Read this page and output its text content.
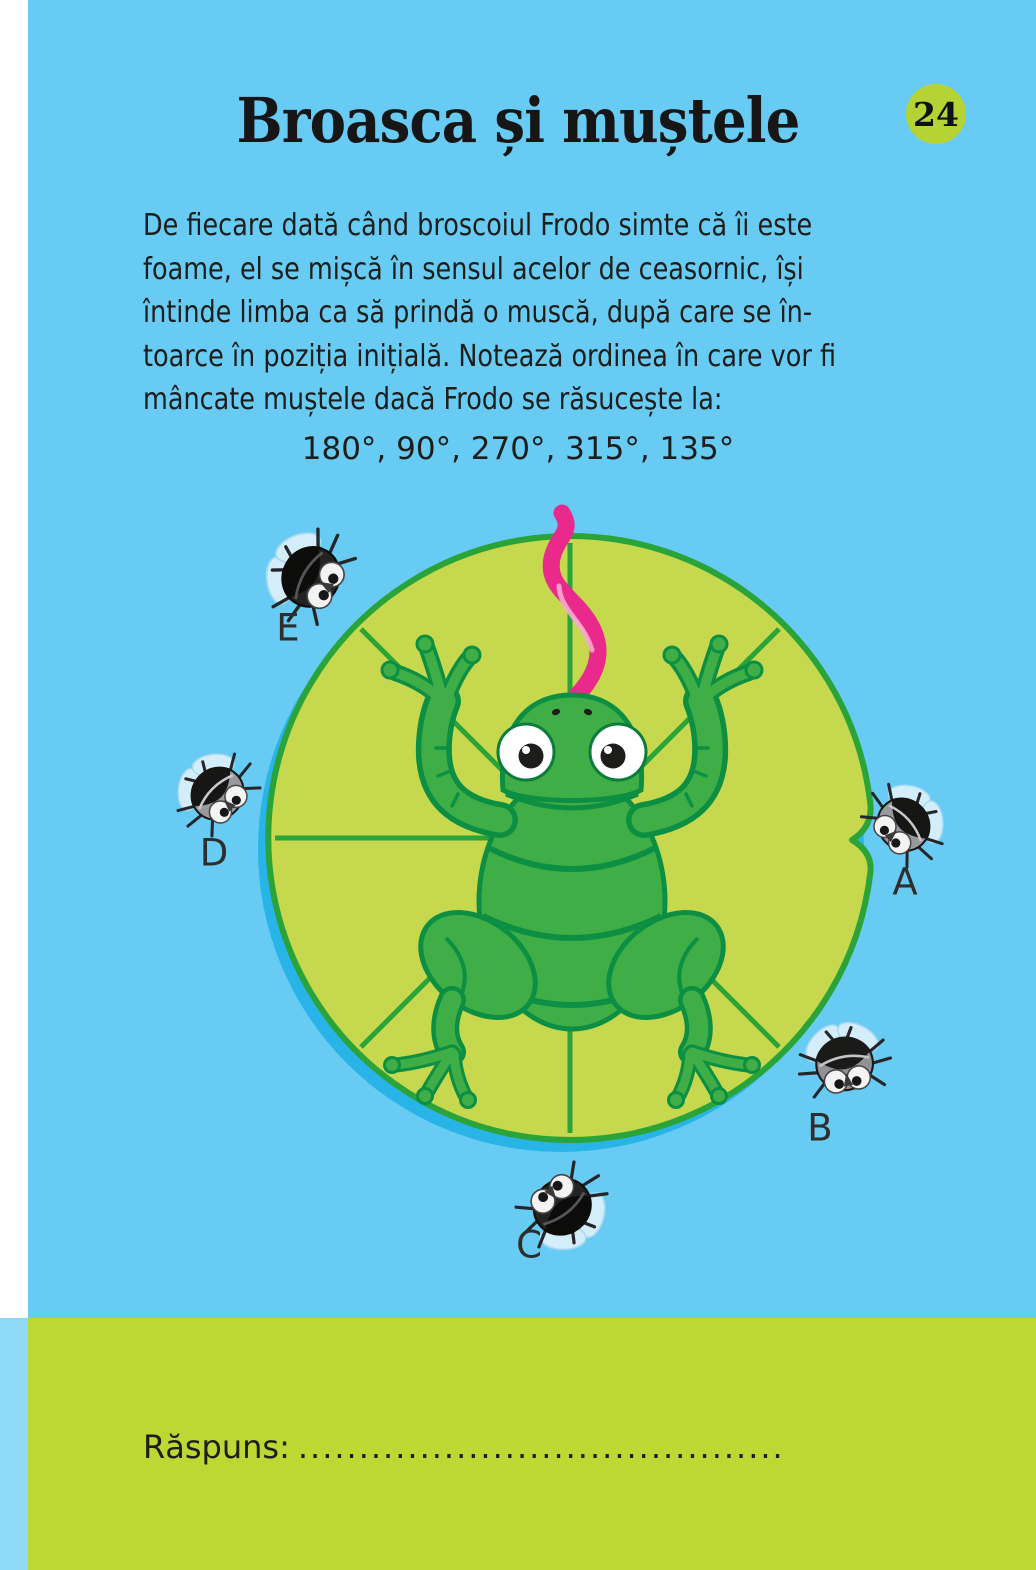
24
Broasca și muștele
De fiecare dată când broscoiul Frodo simte că îi este
foame, el se mișcă în sensul acelor de ceasornic, își
întinde limba ca să prindă o muscă, după care se în-
toarce în poziția inițială. Notează ordinea în care vor fi
mâncate muștele dacă Frodo se răsucește la:
180°, 90°, 270°, 315°, 135°
A
B
C
D
E
Răspuns: ........................................
